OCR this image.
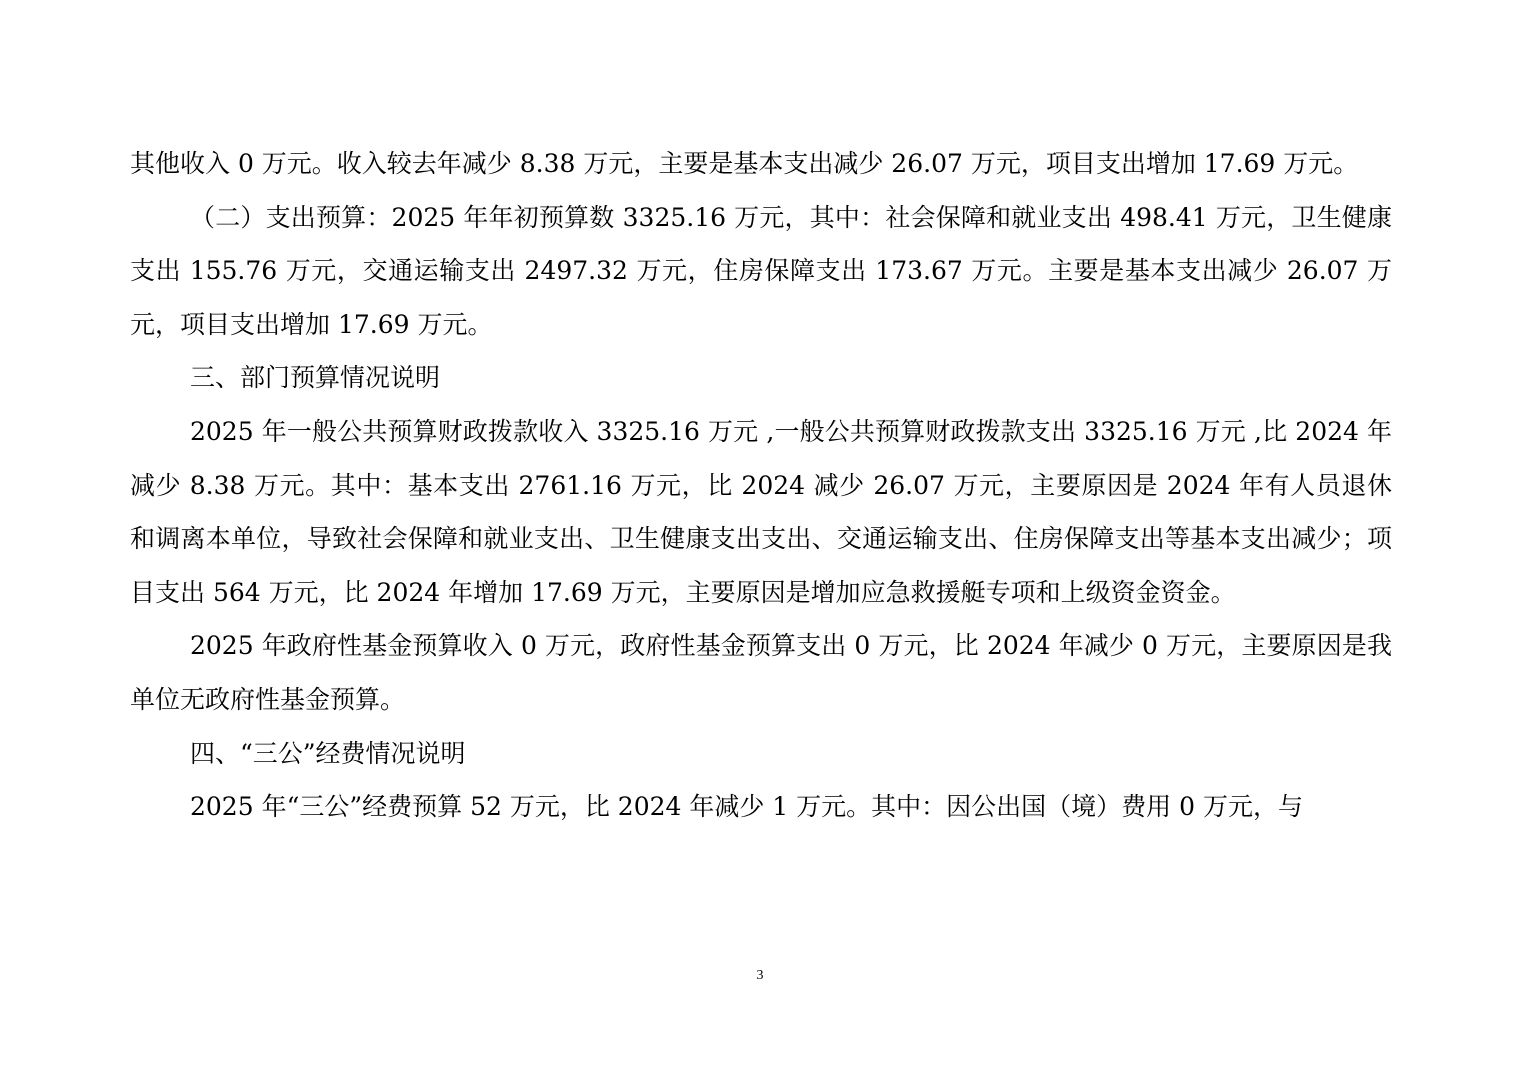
其他收入 0 万元。收入较去年减少 8.38 万元，主要是基本支出减少 26.07 万元，项目支出增加 17.69 万元。

（二）支出预算：2025 年年初预算数 3325.16 万元，其中：社会保障和就业支出 498.41 万元，卫生健康支出 155.76 万元，交通运输支出 2497.32 万元，住房保障支出 173.67 万元。主要是基本支出减少 26.07 万元，项目支出增加 17.69 万元。

三、部门预算情况说明

2025 年一般公共预算财政拨款收入 3325.16 万元 ,一般公共预算财政拨款支出 3325.16 万元 ,比 2024 年减少 8.38 万元。其中：基本支出 2761.16 万元，比 2024 减少 26.07 万元，主要原因是 2024 年有人员退休和调离本单位，导致社会保障和就业支出、卫生健康支出支出、交通运输支出、住房保障支出等基本支出减少；项目支出 564 万元，比 2024 年增加 17.69 万元，主要原因是增加应急救援艇专项和上级资金资金。

2025 年政府性基金预算收入 0 万元，政府性基金预算支出 0 万元，比 2024 年减少 0 万元，主要原因是我单位无政府性基金预算。

四、“三公”经费情况说明

2025 年“三公”经费预算 52 万元，比 2024 年减少 1 万元。其中：因公出国（境）费用 0 万元，与

3
